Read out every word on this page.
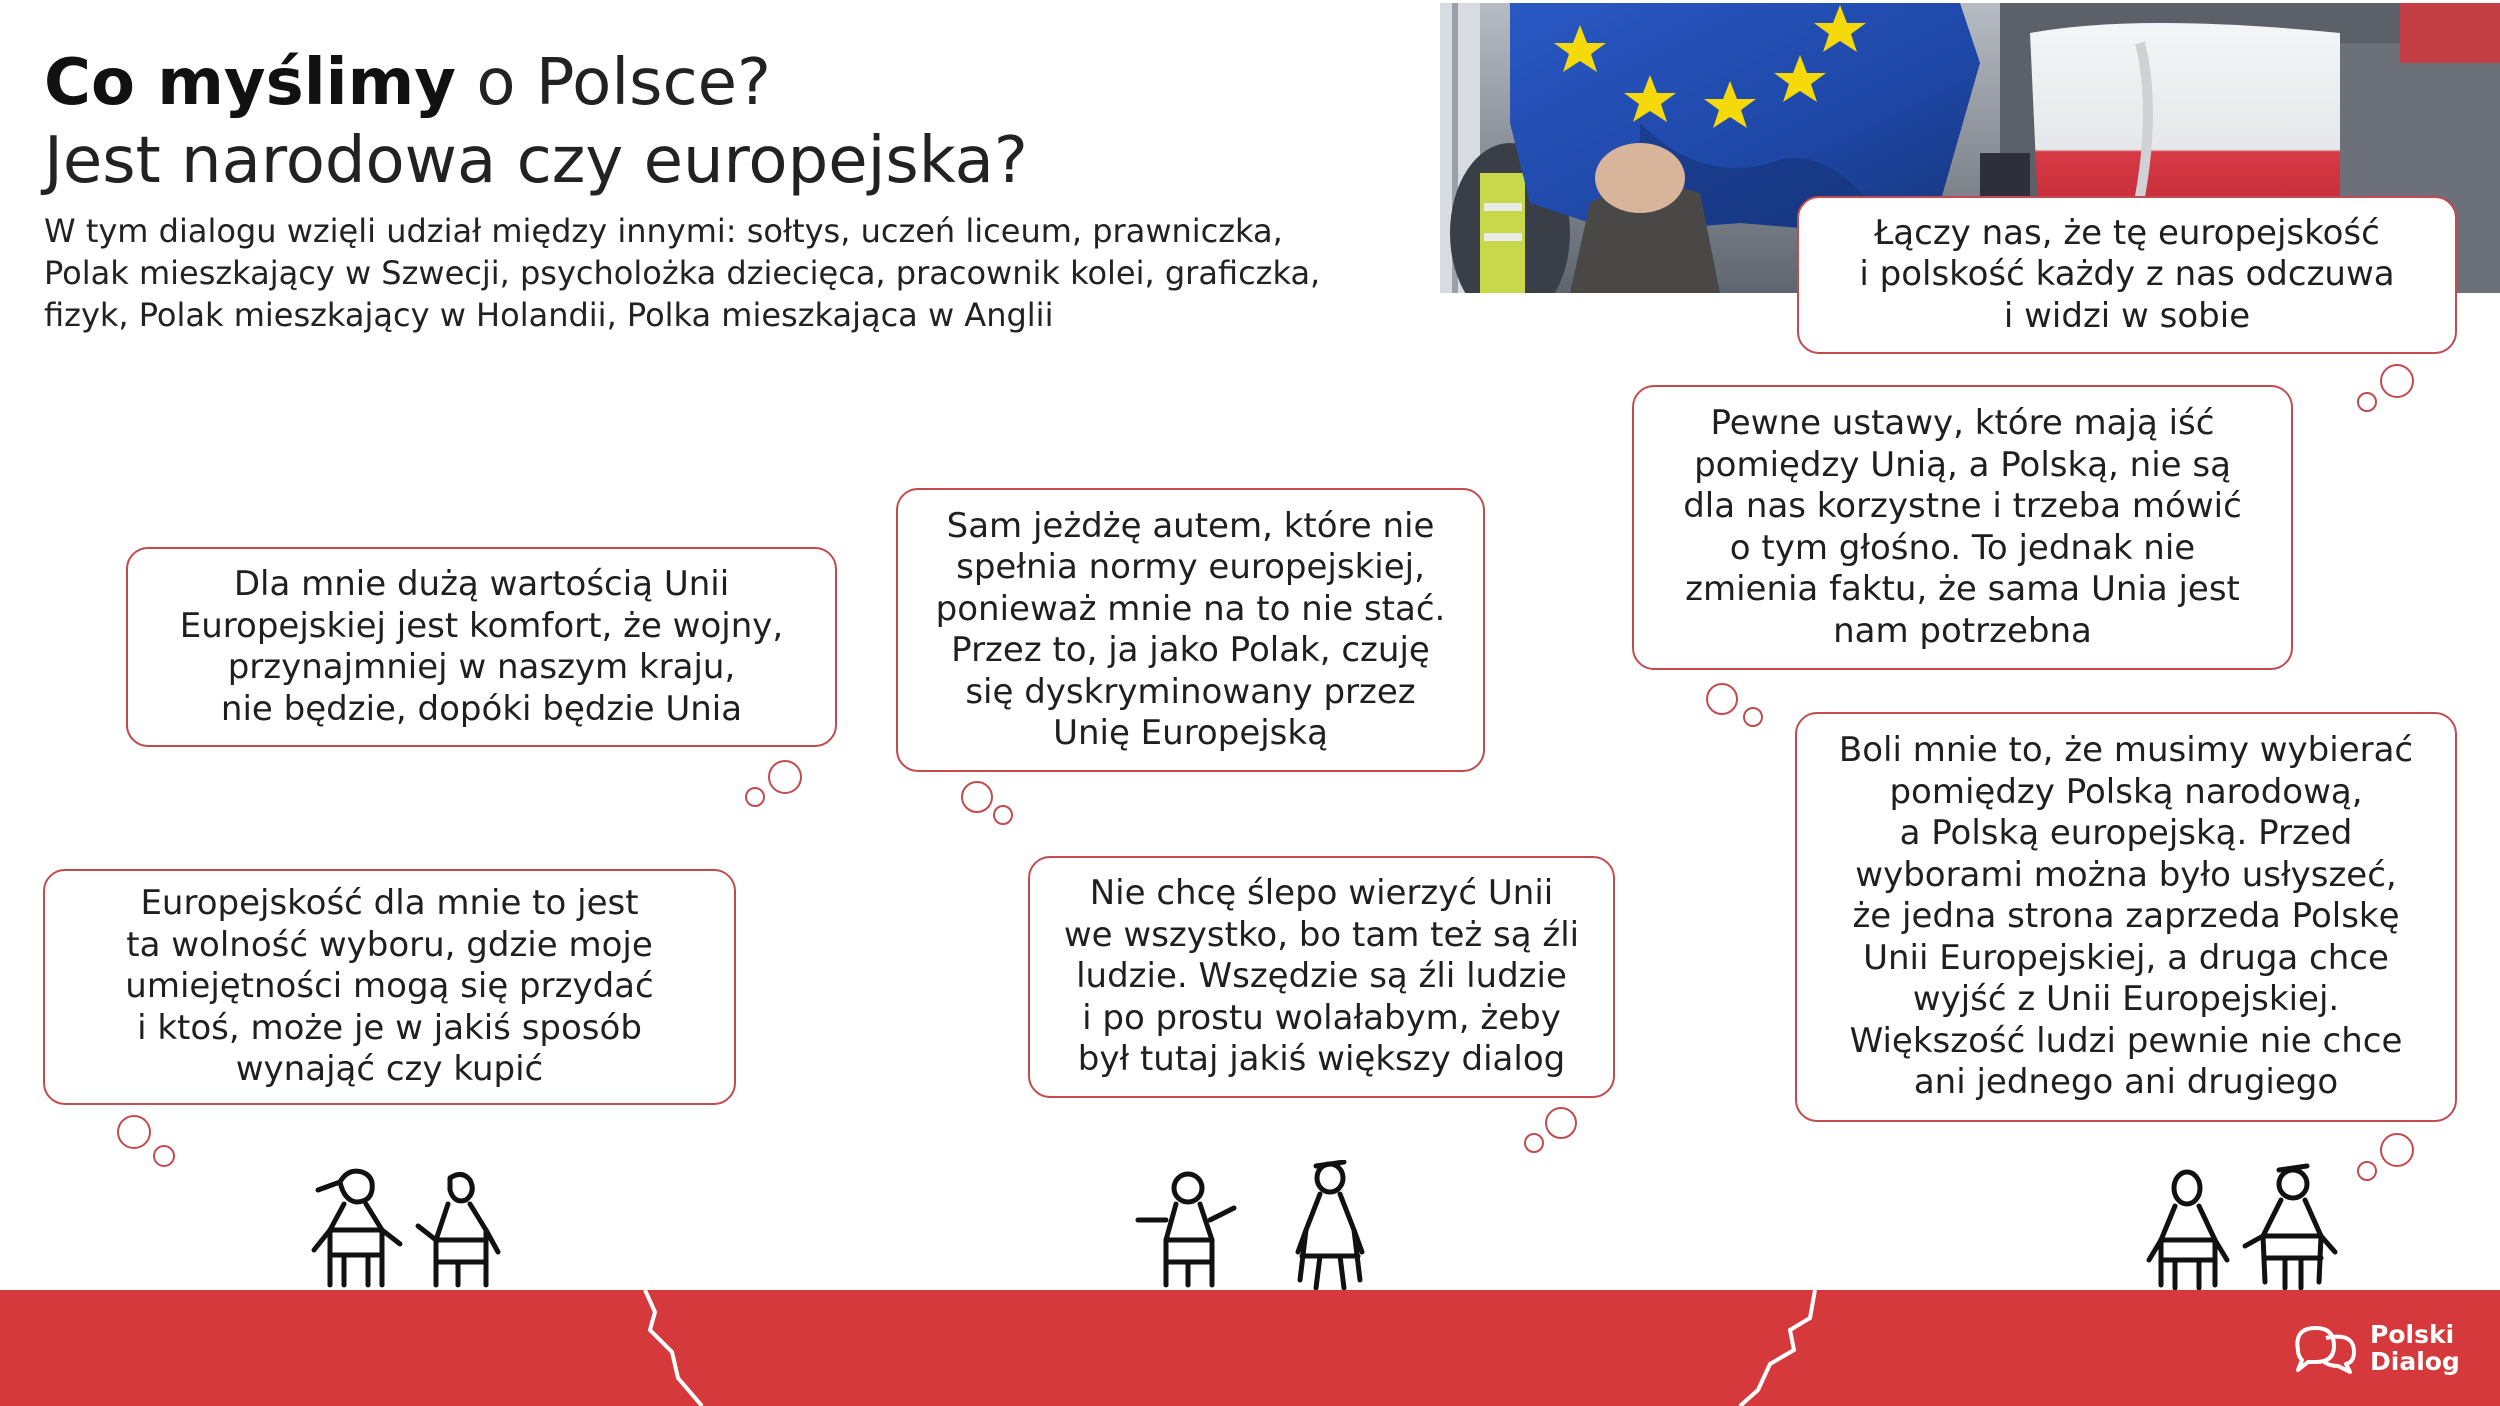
Co myślimy o Polsce?
Jest narodowa czy europejska?
W tym dialogu wzięli udział między innymi: sołtys, uczeń liceum, prawniczka,
Polak mieszkający w Szwecji, psycholożka dziecięca, pracownik kolei, graficzka,
fizyk, Polak mieszkający w Holandii, Polka mieszkająca w Anglii
Łączy nas, że tę europejskość
i polskość każdy z nas odczuwa
i widzi w sobie
Pewne ustawy, które mają iść
pomiędzy Unią, a Polską, nie są
dla nas korzystne i trzeba mówić
o tym głośno. To jednak nie
zmienia faktu, że sama Unia jest
nam potrzebna
Sam jeżdżę autem, które nie
spełnia normy europejskiej,
ponieważ mnie na to nie stać.
Przez to, ja jako Polak, czuję
się dyskryminowany przez
Unię Europejską
Dla mnie dużą wartością Unii
Europejskiej jest komfort, że wojny,
przynajmniej w naszym kraju,
nie będzie, dopóki będzie Unia
Europejskość dla mnie to jest
ta wolność wyboru, gdzie moje
umiejętności mogą się przydać
i ktoś, może je w jakiś sposób
wynająć czy kupić
Nie chcę ślepo wierzyć Unii
we wszystko, bo tam też są źli
ludzie. Wszędzie są źli ludzie
i po prostu wolałabym, żeby
był tutaj jakiś większy dialog
Boli mnie to, że musimy wybierać
pomiędzy Polską narodową,
a Polską europejską. Przed
wyborami można było usłyszeć,
że jedna strona zaprzeda Polskę
Unii Europejskiej, a druga chce
wyjść z Unii Europejskiej.
Większość ludzi pewnie nie chce
ani jednego ani drugiego
Polski
Dialog
